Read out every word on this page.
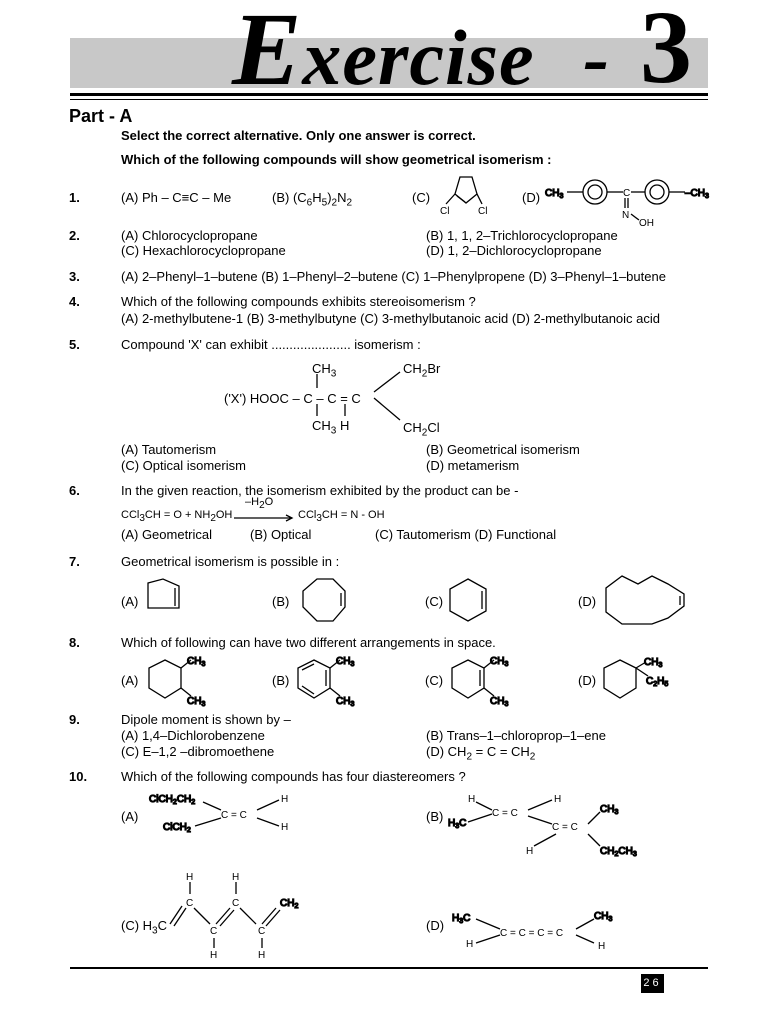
Exercise - 3
Part - A
Select the correct alternative. Only one answer is correct.
Which of the following compounds will show geometrical isomerism :
1.	(A) Ph – C≡C – Me	(B) $(C_6H_5)_2N_2$	(C)
Cl	Cl
(D) $CH_3$	C	$-CH_3$
N
OH
2.	(A) Chlorocyclopropane	(B) 1, 1, 2–Trichlorocyclopropane
(C) Hexachlorocyclopropane	(D) 1, 2–Dichlorocyclopropane
3.	(A) 2–Phenyl–1–butene (B) 1–Phenyl–2–butene (C) 1–Phenylpropene (D) 3–Phenyl–1–butene
4.	Which of the following compounds exhibits stereoisomerism ?
(A) 2-methylbutene-1 (B) 3-methylbutyne (C) 3-methylbutanoic acid (D) 2-methylbutanoic acid
5.	Compound 'X' can exhibit ...................... isomerism :
$CH_3$	$CH_2Br$
('X') HOOC – C – C = C
$CH_3$ H	$CH_2Cl$
(A) Tautomerism	(B) Geometrical isomerism
(C) Optical isomerism	(D) metamerism
6.	In the given reaction, the isomerism exhibited by the product can be -
$CCl_3CH = O + NH_2OH$
$-H_2O$
CCl$_3$CH = N - OH
(A) Geometrical	(B) Optical	(C) Tautomerism (D) Functional
7.	Geometrical isomerism is possible in :
(A)	(B)	(C)	(D)
8.	Which of following can have two different arrangements in space.
(A)
$CH_3$
$CH_3$
(B)
$CH_3$
$CH_3$
(C)
$CH_3$
$CH_3$
(D)
$CH_3$
$C_2H_5$
9.	Dipole moment is shown by –
(A) 1,4–Dichlorobenzene	(B) Trans–1–chloroprop–1–ene
(C) E–1,2 –dibromoethene	(D) $CH_2 = C = CH_2$
10.	Which of the following compounds has four diastereomers ?
(A)
$ClCH_2CH_2$
ClCH$_2$
C = C
H
H
(B)
H
$H_3C$
C = C
H
C = C
$CH_3$
H	$CH_2CH_3$
(C) $H_3C$
H	H
C	C
C	C
H	H
$CH_2$
(D) $H_3C$
H
C = C = C = C
$CH_3$
H
26
